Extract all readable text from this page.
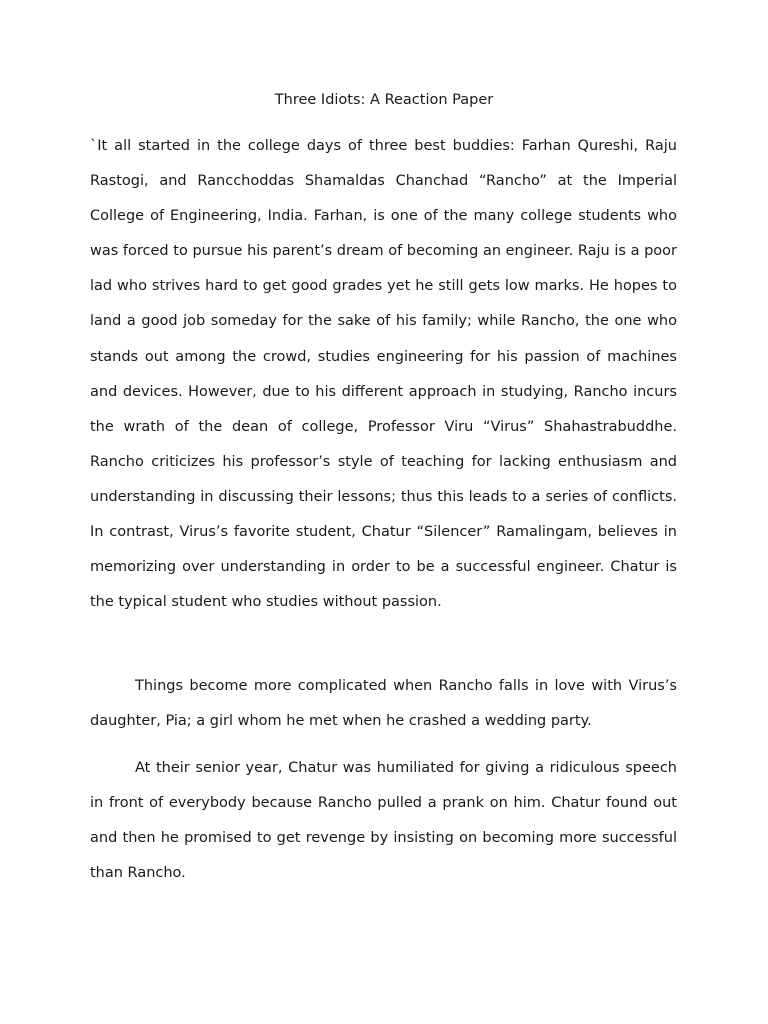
Three Idiots: A Reaction Paper

`It all started in the college days of three best buddies: Farhan Qureshi, Raju Rastogi, and Rancchoddas Shamaldas Chanchad “Rancho” at the Imperial College of Engineering, India. Farhan, is one of the many college students who was forced to pursue his parent’s dream of becoming an engineer. Raju is a poor lad who strives hard to get good grades yet he still gets low marks. He hopes to land a good job someday for the sake of his family; while Rancho, the one who stands out among the crowd, studies engineering for his passion of machines and devices. However, due to his different approach in studying, Rancho incurs the wrath of the dean of college, Professor Viru “Virus” Shahastrabuddhe. Rancho criticizes his professor’s style of teaching for lacking enthusiasm and understanding in discussing their lessons; thus this leads to a series of conflicts. In contrast, Virus’s favorite student, Chatur “Silencer” Ramalingam, believes in memorizing over understanding in order to be a successful engineer. Chatur is the typical student who studies without passion.

Things become more complicated when Rancho falls in love with Virus’s daughter, Pia; a girl whom he met when he crashed a wedding party.

At their senior year, Chatur was humiliated for giving a ridiculous speech in front of everybody because Rancho pulled a prank on him. Chatur found out and then he promised to get revenge by insisting on becoming more successful than Rancho.
